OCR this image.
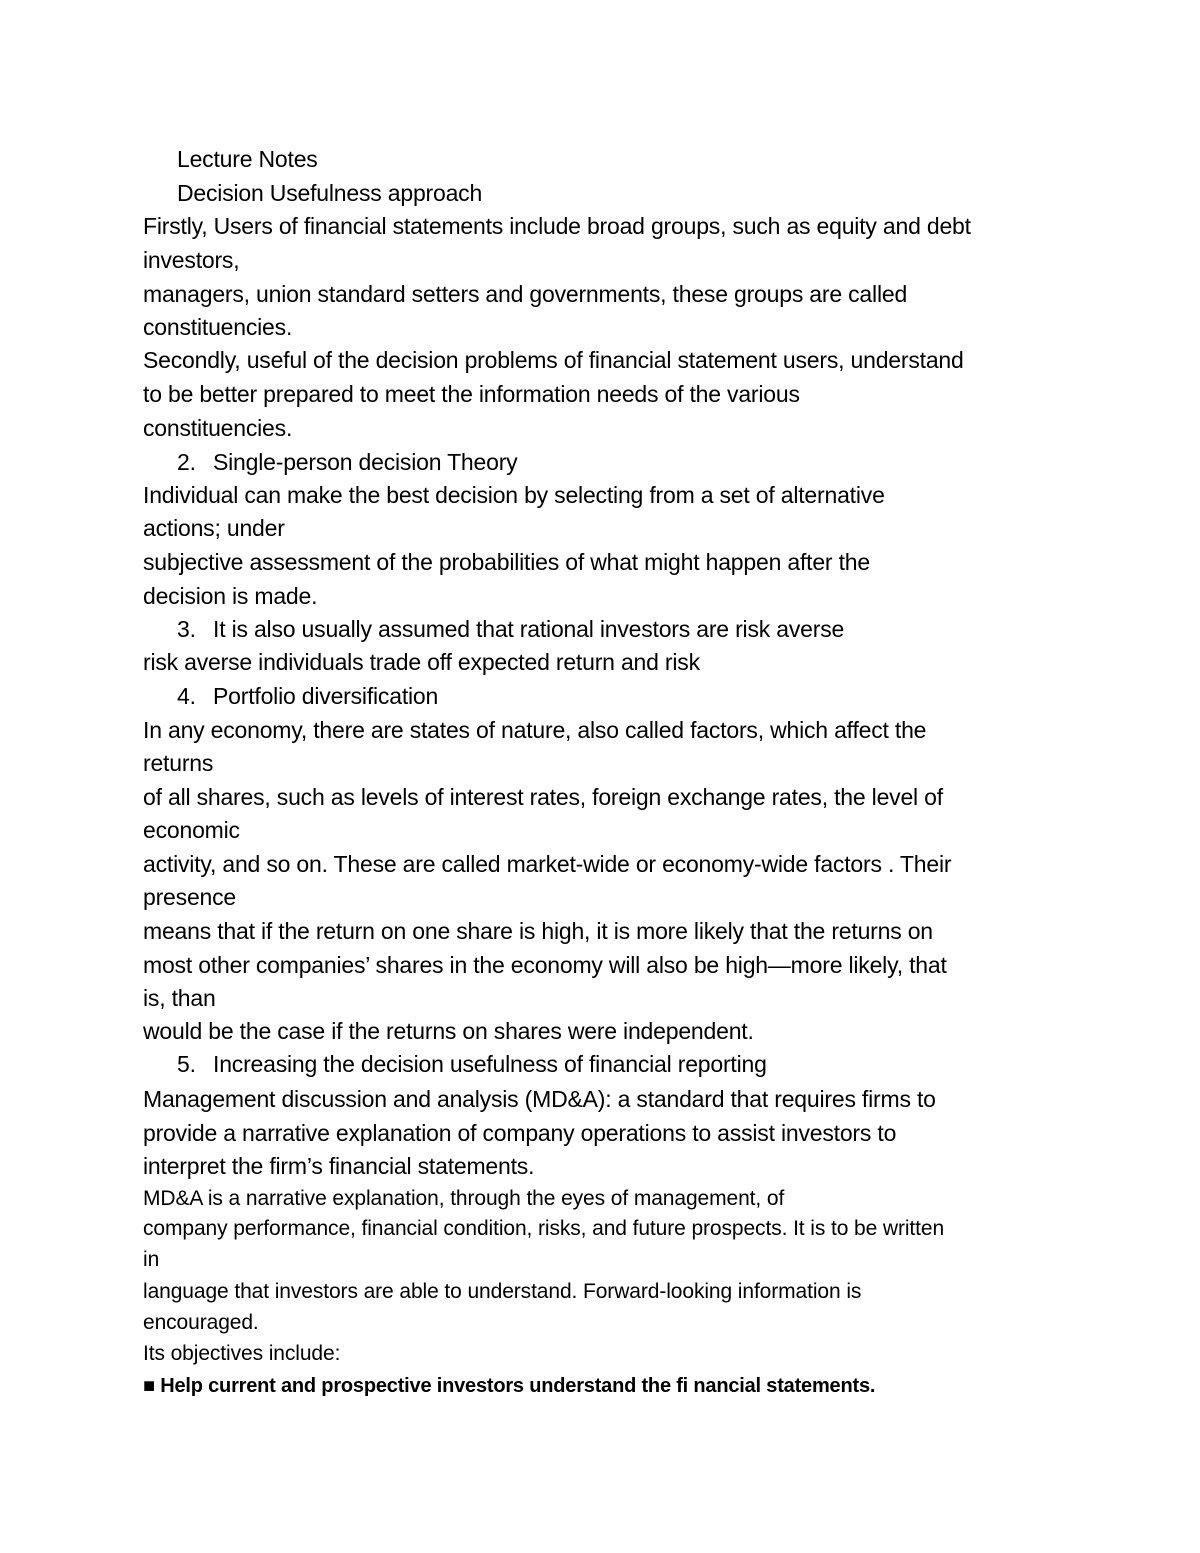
Lecture Notes
Decision Usefulness approach
Firstly, Users of financial statements include broad groups, such as equity and debt
investors,
managers, union standard setters and governments, these groups are called
constituencies.
Secondly, useful of the decision problems of financial statement users, understand
to be better prepared to meet the information needs of the various
constituencies.
2. Single-person decision Theory
Individual can make the best decision by selecting from a set of alternative
actions; under
subjective assessment of the probabilities of what might happen after the
decision is made.
3. It is also usually assumed that rational investors are risk averse
risk averse individuals trade off expected return and risk
4. Portfolio diversification
In any economy, there are states of nature, also called factors, which affect the
returns
of all shares, such as levels of interest rates, foreign exchange rates, the level of
economic
activity, and so on. These are called market-wide or economy-wide factors . Their
presence
means that if the return on one share is high, it is more likely that the returns on
most other companies’ shares in the economy will also be high—more likely, that
is, than
would be the case if the returns on shares were independent.
5. Increasing the decision usefulness of financial reporting
Management discussion and analysis (MD&A): a standard that requires firms to
provide a narrative explanation of company operations to assist investors to
interpret the firm’s financial statements.
MD&A is a narrative explanation, through the eyes of management, of
company performance, financial condition, risks, and future prospects. It is to be written
in
language that investors are able to understand. Forward-looking information is
encouraged.
Its objectives include:
■ Help current and prospective investors understand the fi nancial statements.
